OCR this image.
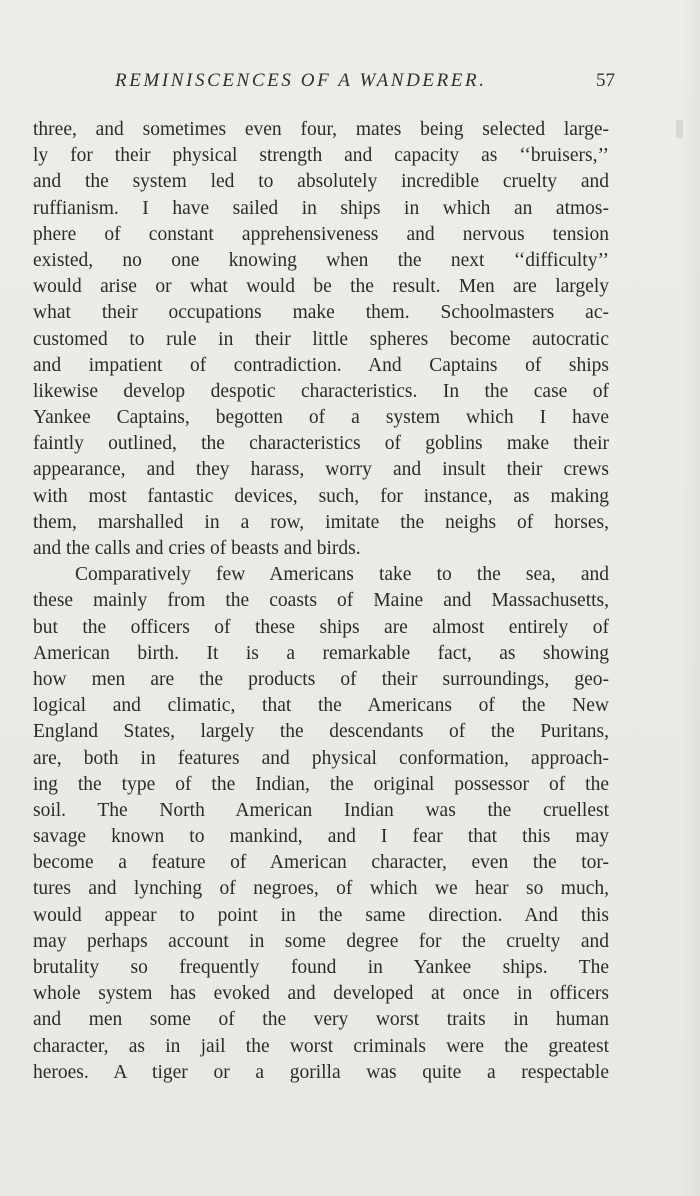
REMINISCENCES OF A WANDERER.	57
three, and sometimes even four, mates being selected large-
ly for their physical strength and capacity as ‘‘bruisers,’’
and the system led to absolutely incredible cruelty and
ruffianism. I have sailed in ships in which an atmos-
phere of constant apprehensiveness and nervous tension
existed, no one knowing when the next ‘‘difficulty’’
would arise or what would be the result. Men are largely
what their occupations make them. Schoolmasters ac-
customed to rule in their little spheres become autocratic
and impatient of contradiction. And Captains of ships
likewise develop despotic characteristics. In the case of
Yankee Captains, begotten of a system which I have
faintly outlined, the characteristics of goblins make their
appearance, and they harass, worry and insult their crews
with most fantastic devices, such, for instance, as making
them, marshalled in a row, imitate the neighs of horses,
and the calls and cries of beasts and birds.
Comparatively few Americans take to the sea, and
these mainly from the coasts of Maine and Massachusetts,
but the officers of these ships are almost entirely of
American birth. It is a remarkable fact, as showing
how men are the products of their surroundings, geo-
logical and climatic, that the Americans of the New
England States, largely the descendants of the Puritans,
are, both in features and physical conformation, approach-
ing the type of the Indian, the original possessor of the
soil. The North American Indian was the cruellest
savage known to mankind, and I fear that this may
become a feature of American character, even the tor-
tures and lynching of negroes, of which we hear so much,
would appear to point in the same direction. And this
may perhaps account in some degree for the cruelty and
brutality so frequently found in Yankee ships. The
whole system has evoked and developed at once in officers
and men some of the very worst traits in human
character, as in jail the worst criminals were the greatest
heroes. A tiger or a gorilla was quite a respectable
